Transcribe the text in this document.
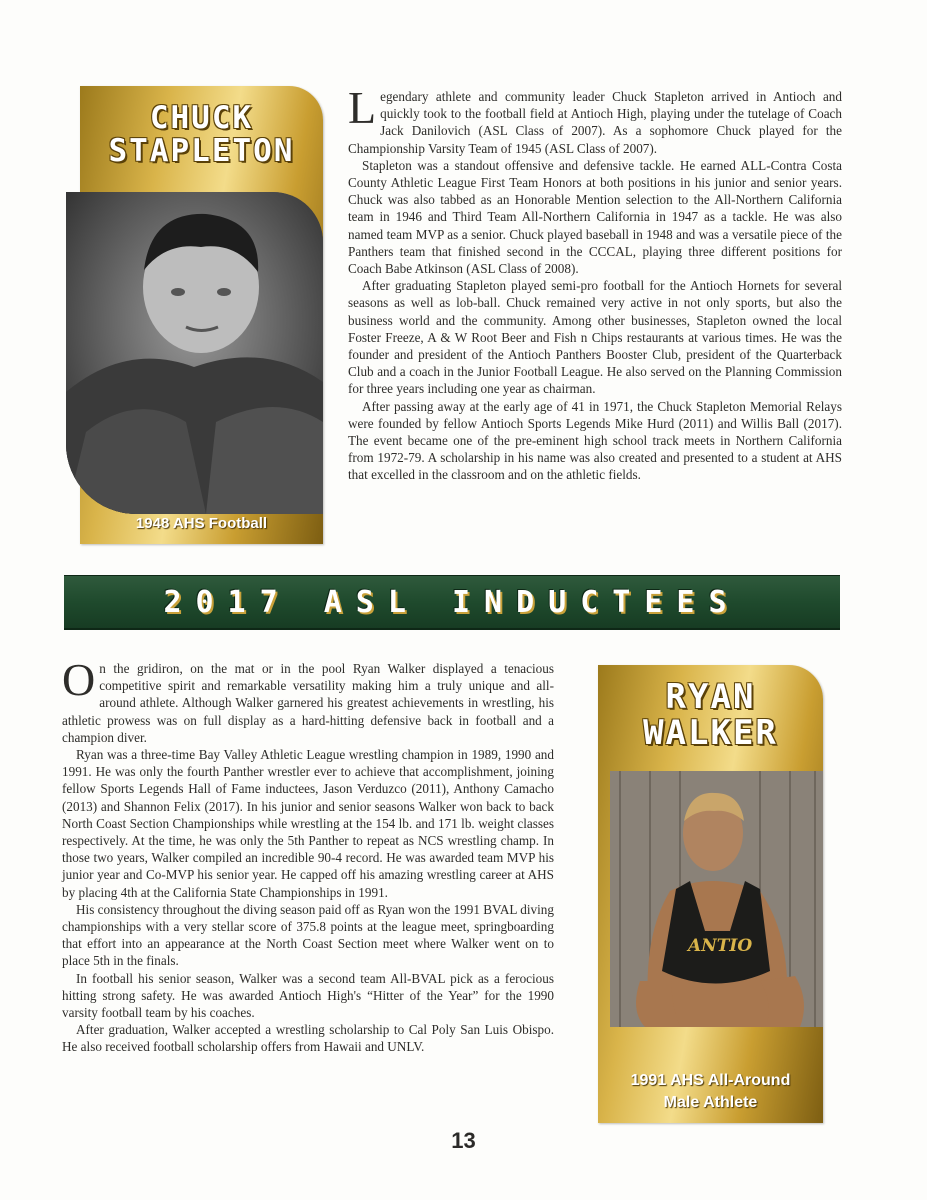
CHUCK
STAPLETON
1948 AHS Football

Legendary athlete and community leader Chuck Stapleton arrived in Antioch and quickly took to the football field at Antioch High, playing under the tutelage of Coach Jack Danilovich (ASL Class of 2007). As a sophomore Chuck played for the Championship Varsity Team of 1945 (ASL Class of 2007).

Stapleton was a standout offensive and defensive tackle. He earned ALL-Contra Costa County Athletic League First Team Honors at both positions in his junior and senior years. Chuck was also tabbed as an Honorable Mention selection to the All-Northern California team in 1946 and Third Team All-Northern California in 1947 as a tackle. He was also named team MVP as a senior. Chuck played baseball in 1948 and was a versatile piece of the Panthers team that finished second in the CCCAL, playing three different positions for Coach Babe Atkinson (ASL Class of 2008).

After graduating Stapleton played semi-pro football for the Antioch Hornets for several seasons as well as lob-ball. Chuck remained very active in not only sports, but also the business world and the community. Among other businesses, Stapleton owned the local Foster Freeze, A & W Root Beer and Fish n Chips restaurants at various times. He was the founder and president of the Antioch Panthers Booster Club, president of the Quarterback Club and a coach in the Junior Football League. He also served on the Planning Commission for three years including one year as chairman.

After passing away at the early age of 41 in 1971, the Chuck Stapleton Memorial Relays were founded by fellow Antioch Sports Legends Mike Hurd (2011) and Willis Ball (2017). The event became one of the pre-eminent high school track meets in Northern California from 1972-79. A scholarship in his name was also created and presented to a student at AHS that excelled in the classroom and on the athletic fields.

2017 ASL INDUCTEES

On the gridiron, on the mat or in the pool Ryan Walker displayed a tenacious competitive spirit and remarkable versatility making him a truly unique and all-around athlete. Although Walker garnered his greatest achievements in wrestling, his athletic prowess was on full display as a hard-hitting defensive back in football and a champion diver.

Ryan was a three-time Bay Valley Athletic League wrestling champion in 1989, 1990 and 1991. He was only the fourth Panther wrestler ever to achieve that accomplishment, joining fellow Sports Legends Hall of Fame inductees, Jason Verduzco (2011), Anthony Camacho (2013) and Shannon Felix (2017). In his junior and senior seasons Walker won back to back North Coast Section Championships while wrestling at the 154 lb. and 171 lb. weight classes respectively. At the time, he was only the 5th Panther to repeat as NCS wrestling champ. In those two years, Walker compiled an incredible 90-4 record. He was awarded team MVP his junior year and Co-MVP his senior year. He capped off his amazing wrestling career at AHS by placing 4th at the California State Championships in 1991.

His consistency throughout the diving season paid off as Ryan won the 1991 BVAL diving championships with a very stellar score of 375.8 points at the league meet, springboarding that effort into an appearance at the North Coast Section meet where Walker went on to place 5th in the finals.

In football his senior season, Walker was a second team All-BVAL pick as a ferocious hitting strong safety. He was awarded Antioch High's “Hitter of the Year” for the 1990 varsity football team by his coaches.

After graduation, Walker accepted a wrestling scholarship to Cal Poly San Luis Obispo. He also received football scholarship offers from Hawaii and UNLV.

RYAN
WALKER
ANTIO
1991 AHS All-Around
Male Athlete
13
